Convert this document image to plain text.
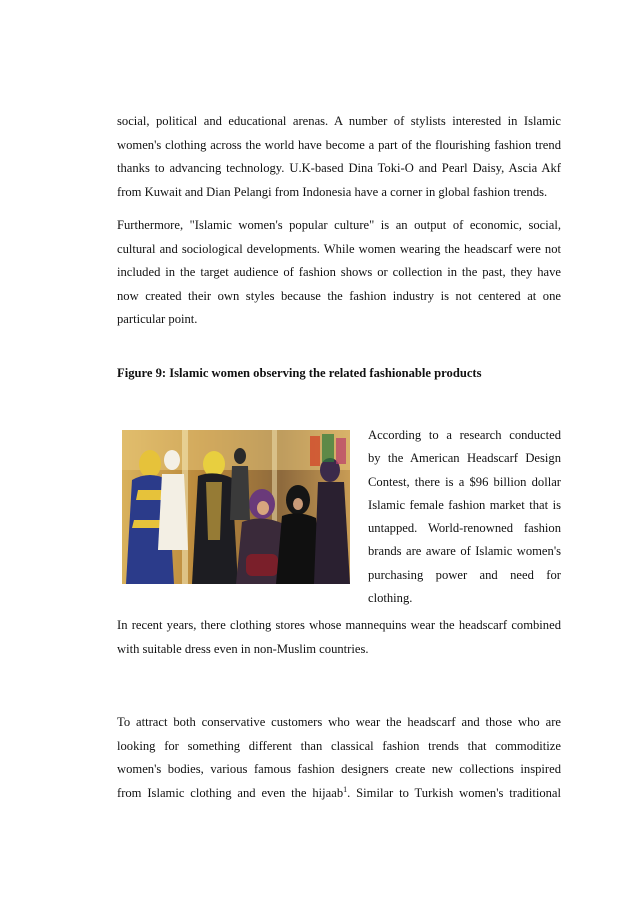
social, political and educational arenas. A number of stylists interested in Islamic
women's clothing across the world have become a part of the flourishing fashion trend
thanks to advancing technology. U.K-based Dina Toki-O and Pearl Daisy, Ascia Akf
from Kuwait and Dian Pelangi from Indonesia have a corner in global fashion trends.
Furthermore, "Islamic women's popular culture" is an output of economic, social,
cultural and sociological developments. While women wearing the headscarf were not
included in the target audience of fashion shows or collection in the past, they have
now created their own styles because the fashion industry is not centered at one
particular point.
Figure 9: Islamic women observing the related fashionable products
According to a research conducted
by the American Headscarf Design
Contest, there is a $96 billion dollar
Islamic female fashion market that is
untapped. World-renowned fashion
brands are aware of Islamic women's
purchasing power and need for
clothing.
In recent years, there clothing stores whose mannequins wear the headscarf combined
with suitable dress even in non-Muslim countries.
To attract both conservative customers who wear the headscarf and those who are
looking for something different than classical fashion trends that commoditize
women's bodies, various famous fashion designers create new collections inspired
from Islamic clothing and even the hijaab$^1$. Similar to Turkish women's traditional
